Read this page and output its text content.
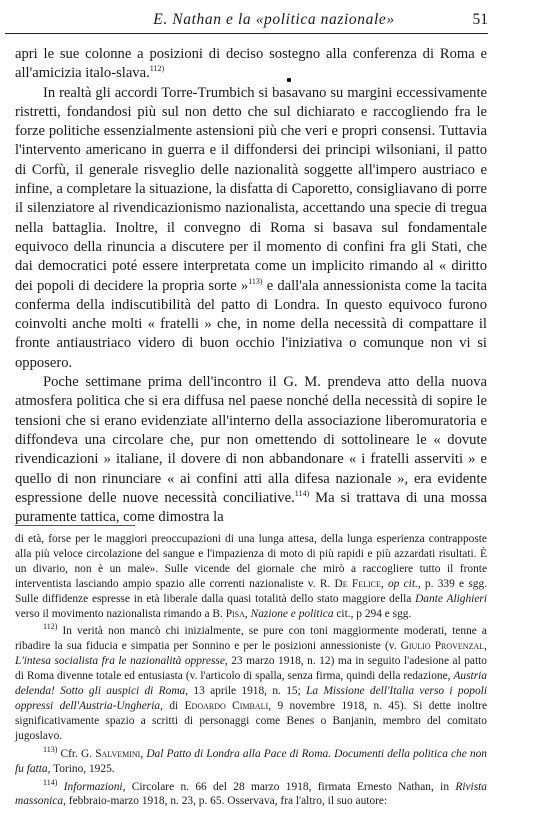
E. Nathan e la «politica nazionale»	51

apri le sue colonne a posizioni di deciso sostegno alla conferenza di Roma e all'amicizia italo-slava.$^{112)}$

In realtà gli accordi Torre-Trumbich si basavano su margini eccessivamente ristretti, fondandosi più sul non detto che sul dichiarato e raccogliendo fra le forze politiche essenzialmente astensioni più che veri e propri consensi. Tuttavia l'intervento americano in guerra e il diffondersi dei principi wilsoniani, il patto di Corfù, il generale risveglio delle nazionalità soggette all'impero austriaco e infine, a completare la situazione, la disfatta di Caporetto, consigliavano di porre il silenziatore al rivendicazionismo nazionalista, accettando una specie di tregua nella battaglia. Inoltre, il convegno di Roma si basava sul fondamentale equivoco della rinuncia a discutere per il momento di confini fra gli Stati, che dai democratici poté essere interpretata come un implicito rimando al « diritto dei popoli di decidere la propria sorte »$^{113)}$ e dall'ala annessionista come la tacita conferma della indiscutibilità del patto di Londra. In questo equivoco furono coinvolti anche molti « fratelli » che, in nome della necessità di compattare il fronte antiaustriaco videro di buon occhio l'iniziativa o comunque non vi si opposero.

Poche settimane prima dell'incontro il G. M. prendeva atto della nuova atmosfera politica che si era diffusa nel paese nonché della necessità di sopire le tensioni che si erano evidenziate all'interno della associazione liberomuratoria e diffondeva una circolare che, pur non omettendo di sottolineare le « dovute rivendicazioni » italiane, il dovere di non abbandonare « i fratelli asserviti » e quello di non rinunciare « ai confini atti alla difesa nazionale », era evidente espressione delle nuove necessità conciliative.$^{114)}$ Ma si trattava di una mossa puramente tattica, come dimostra la

di età, forse per le maggiori preoccupazioni di una lunga attesa, della lunga esperienza contrapposte alla più veloce circolazione del sangue e l'impazienza di moto di più rapidi e più azzardati risultati. È un divario, non è un male». Sulle vicende del giornale che mirò a raccogliere tutto il fronte interventista lasciando ampio spazio alle correnti nazionaliste v. R. De Felice, op cit., p. 339 e sgg. Sulle diffidenze espresse in età liberale dalla quasi totalità dello stato maggiore della Dante Alighieri verso il movimento nazionalista rimando a B. Pisa, Nazione e politica cit., p 294 e sgg.

$^{112)}$ In verità non mancò chi inizialmente, se pure con toni maggiormente moderati, tenne a ribadire la sua fiducia e simpatia per Sonnino e per le posizioni annessioniste (v. Giulio Provenzal, L'intesa socialista fra le nazionalità oppresse, 23 marzo 1918, n. 12) ma in seguito l'adesione al patto di Roma divenne totale ed entusiasta (v. l'articolo di spalla, senza firma, quindi della redazione, Austria delenda! Sotto gli auspici di Roma, 13 aprile 1918, n. 15; La Missione dell'Italia verso i popoli oppressi dell'Austria-Ungheria, di Edoardo Cimbali, 9 novembre 1918, n. 45). Si dette inoltre significativamente spazio a scritti di personaggi come Benes o Banjanin, membro del comitato jugoslavo.

$^{113)}$ Cfr. G. Salvemini, Dal Patto di Londra alla Pace di Roma. Documenti della politica che non fu fatta, Torino, 1925.

$^{114)}$ Informazioni, Circolare n. 66 del 28 marzo 1918, firmata Ernesto Nathan, in Rivista massonica, febbraio-marzo 1918, n. 23, p. 65. Osservava, fra l'altro, il suo autore:
